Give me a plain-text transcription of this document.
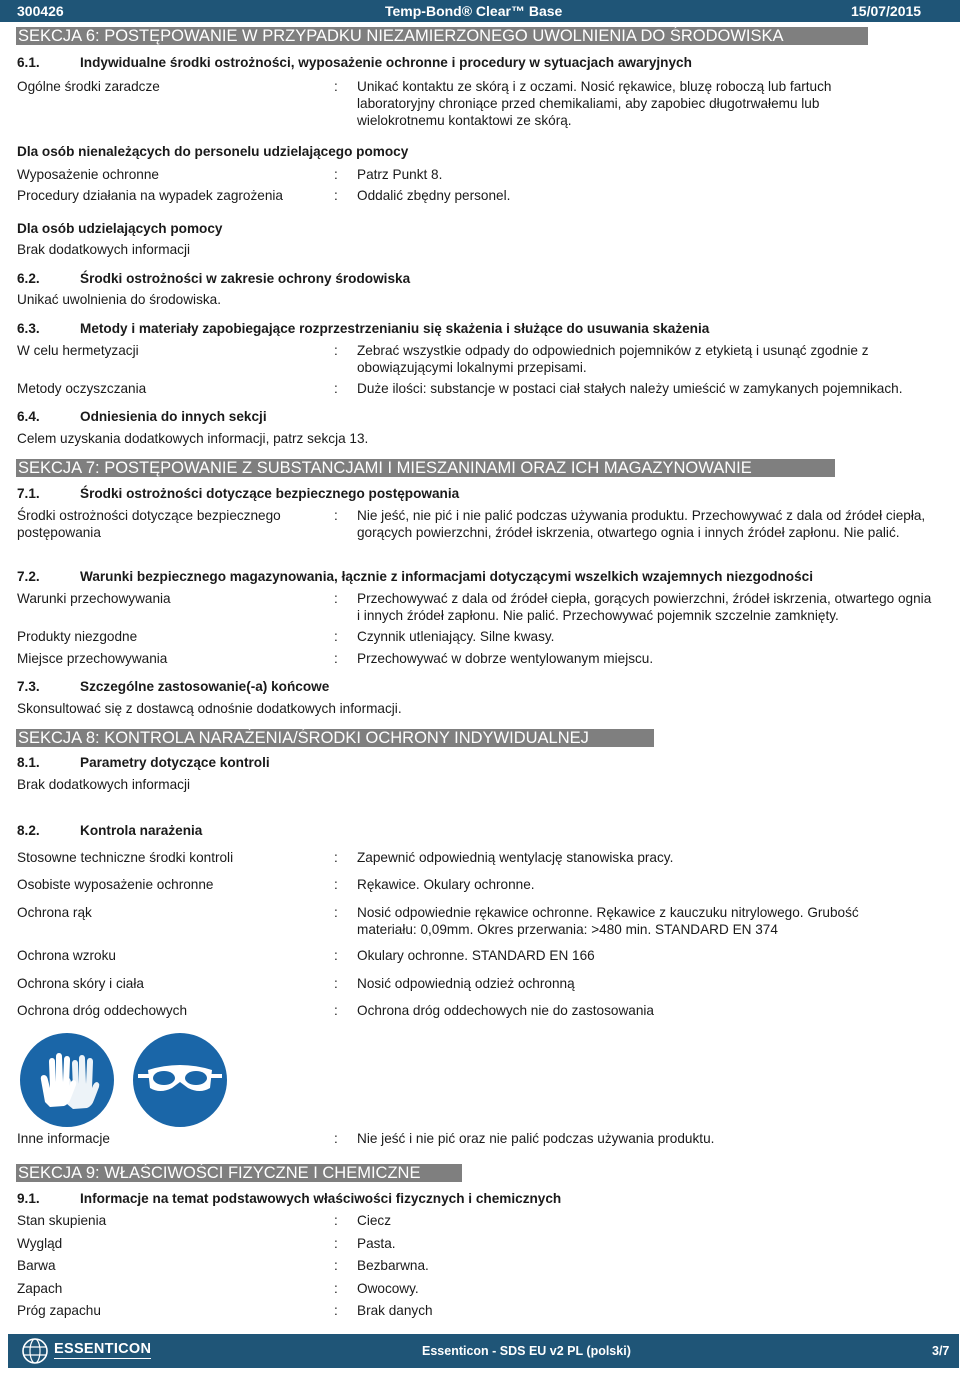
300426	Temp-Bond® Clear™ Base	15/07/2015
SEKCJA 6: POSTĘPOWANIE W PRZYPADKU NIEZAMIERZONEGO UWOLNIENIA DO ŚRODOWISKA
6.1.	Indywidualne środki ostrożności, wyposażenie ochronne i procedury w sytuacjach awaryjnych
Ogólne środki zaradcze	: Unikać kontaktu ze skórą i z oczami. Nosić rękawice, bluzę roboczą lub fartuch laboratoryjny chroniące przed chemikaliami, aby zapobiec długotrwałemu lub wielokrotnemu kontaktowi ze skórą.
Dla osób nienależących do personelu udzielającego pomocy
Wyposażenie ochronne	: Patrz Punkt 8.
Procedury działania na wypadek zagrożenia	: Oddalić zbędny personel.
Dla osób udzielających pomocy
Brak dodatkowych informacji
6.2.	Środki ostrożności w zakresie ochrony środowiska
Unikać uwolnienia do środowiska.
6.3.	Metody i materiały zapobiegające rozprzestrzenianiu się skażenia i służące do usuwania skażenia
W celu hermetyzacji	: Zebrać wszystkie odpady do odpowiednich pojemników z etykietą i usunąć zgodnie z obowiązującymi lokalnymi przepisami.
Metody oczyszczania	: Duże ilości: substancje w postaci ciał stałych należy umieścić w zamykanych pojemnikach.
6.4.	Odniesienia do innych sekcji
Celem uzyskania dodatkowych informacji, patrz sekcja 13.
SEKCJA 7: POSTĘPOWANIE Z SUBSTANCJAMI I MIESZANINAMI ORAZ ICH MAGAZYNOWANIE
7.1.	Środki ostrożności dotyczące bezpiecznego postępowania
Środki ostrożności dotyczące bezpiecznego postępowania
: Nie jeść, nie pić i nie palić podczas używania produktu. Przechowywać z dala od źródeł ciepła, gorących powierzchni, źródeł iskrzenia, otwartego ognia i innych źródeł zapłonu. Nie palić.
7.2.	Warunki bezpiecznego magazynowania, łącznie z informacjami dotyczącymi wszelkich wzajemnych niezgodności
Warunki przechowywania	: Przechowywać z dala od źródeł ciepła, gorących powierzchni, źródeł iskrzenia, otwartego ognia i innych źródeł zapłonu. Nie palić. Przechowywać pojemnik szczelnie zamknięty.
Produkty niezgodne	: Czynnik utleniający. Silne kwasy.
Miejsce przechowywania	: Przechowywać w dobrze wentylowanym miejscu.
7.3.	Szczególne zastosowanie(-a) końcowe
Skonsultować się z dostawcą odnośnie dodatkowych informacji.
SEKCJA 8: KONTROLA NARAŻENIA/ŚRODKI OCHRONY INDYWIDUALNEJ
8.1.	Parametry dotyczące kontroli
Brak dodatkowych informacji
8.2.	Kontrola narażenia
Stosowne techniczne środki kontroli	: Zapewnić odpowiednią wentylację stanowiska pracy.
Osobiste wyposażenie ochronne	: Rękawice. Okulary ochronne.
Ochrona rąk	: Nosić odpowiednie rękawice ochronne. Rękawice z kauczuku nitrylowego. Grubość materiału: 0,09mm. Okres przerwania: >480 min. STANDARD EN 374
Ochrona wzroku	: Okulary ochronne. STANDARD EN 166
Ochrona skóry i ciała	: Nosić odpowiednią odzież ochronną
Ochrona dróg oddechowych	: Ochrona dróg oddechowych nie do zastosowania
Inne informacje	: Nie jeść i nie pić oraz nie palić podczas używania produktu.
SEKCJA 9: WŁAŚCIWOŚCI FIZYCZNE I CHEMICZNE
9.1.	Informacje na temat podstawowych właściwości fizycznych i chemicznych
Stan skupienia	: Ciecz
Wygląd	: Pasta.
Barwa	: Bezbarwna.
Zapach	: Owocowy.
Próg zapachu	: Brak danych
ESSENTICON	Essenticon - SDS EU v2 PL (polski)	3/7
